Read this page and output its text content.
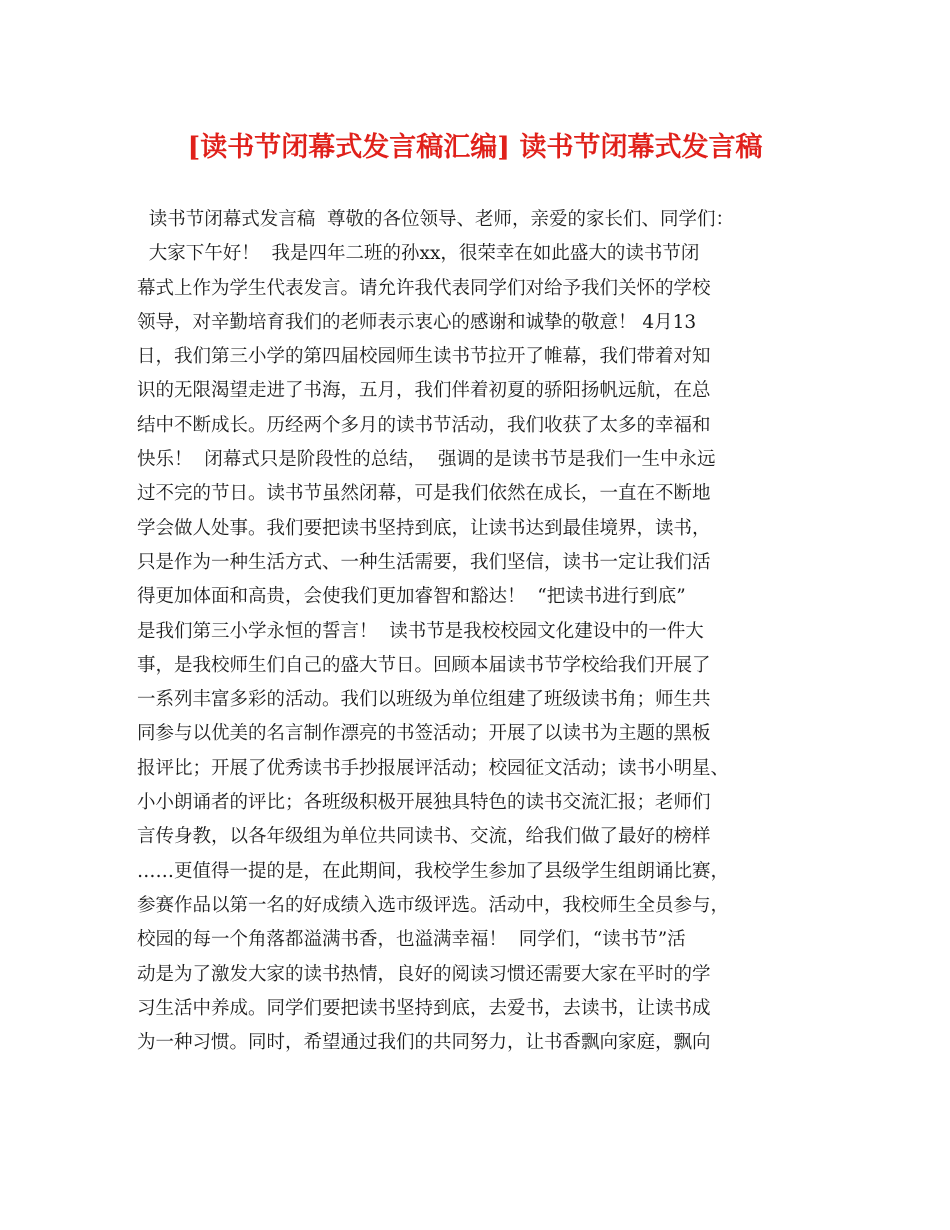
[读书节闭幕式发言稿汇编] 读书节闭幕式发言稿
读书节闭幕式发言稿  尊敬的各位领导、老师，亲爱的家长们、同学们：
大家下午好！  我是四年二班的孙xx，很荣幸在如此盛大的读书节闭
幕式上作为学生代表发言。请允许我代表同学们对给予我们关怀的学校
领导，对辛勤培育我们的老师表示衷心的感谢和诚挚的敬意！ 4月13
日，我们第三小学的第四届校园师生读书节拉开了帷幕，我们带着对知
识的无限渴望走进了书海，五月，我们伴着初夏的骄阳扬帆远航，在总
结中不断成长。历经两个多月的读书节活动，我们收获了太多的幸福和
快乐！  闭幕式只是阶段性的总结，  强调的是读书节是我们一生中永远
过不完的节日。读书节虽然闭幕，可是我们依然在成长，一直在不断地
学会做人处事。我们要把读书坚持到底，让读书达到最佳境界，读书，
只是作为一种生活方式、一种生活需要，我们坚信，读书一定让我们活
得更加体面和高贵，会使我们更加睿智和豁达！  “把读书进行到底”
是我们第三小学永恒的誓言！  读书节是我校校园文化建设中的一件大
事，是我校师生们自己的盛大节日。回顾本届读书节学校给我们开展了
一系列丰富多彩的活动。我们以班级为单位组建了班级读书角；师生共
同参与以优美的名言制作漂亮的书签活动；开展了以读书为主题的黑板
报评比；开展了优秀读书手抄报展评活动；校园征文活动；读书小明星、
小小朗诵者的评比；各班级积极开展独具特色的读书交流汇报；老师们
言传身教，以各年级组为单位共同读书、交流，给我们做了最好的榜样
……更值得一提的是，在此期间，我校学生参加了县级学生组朗诵比赛，
参赛作品以第一名的好成绩入选市级评选。活动中，我校师生全员参与，
校园的每一个角落都溢满书香，也溢满幸福！  同学们，“读书节”活
动是为了激发大家的读书热情，良好的阅读习惯还需要大家在平时的学
习生活中养成。同学们要把读书坚持到底，去爱书，去读书，让读书成
为一种习惯。同时，希望通过我们的共同努力，让书香飘向家庭，飘向
